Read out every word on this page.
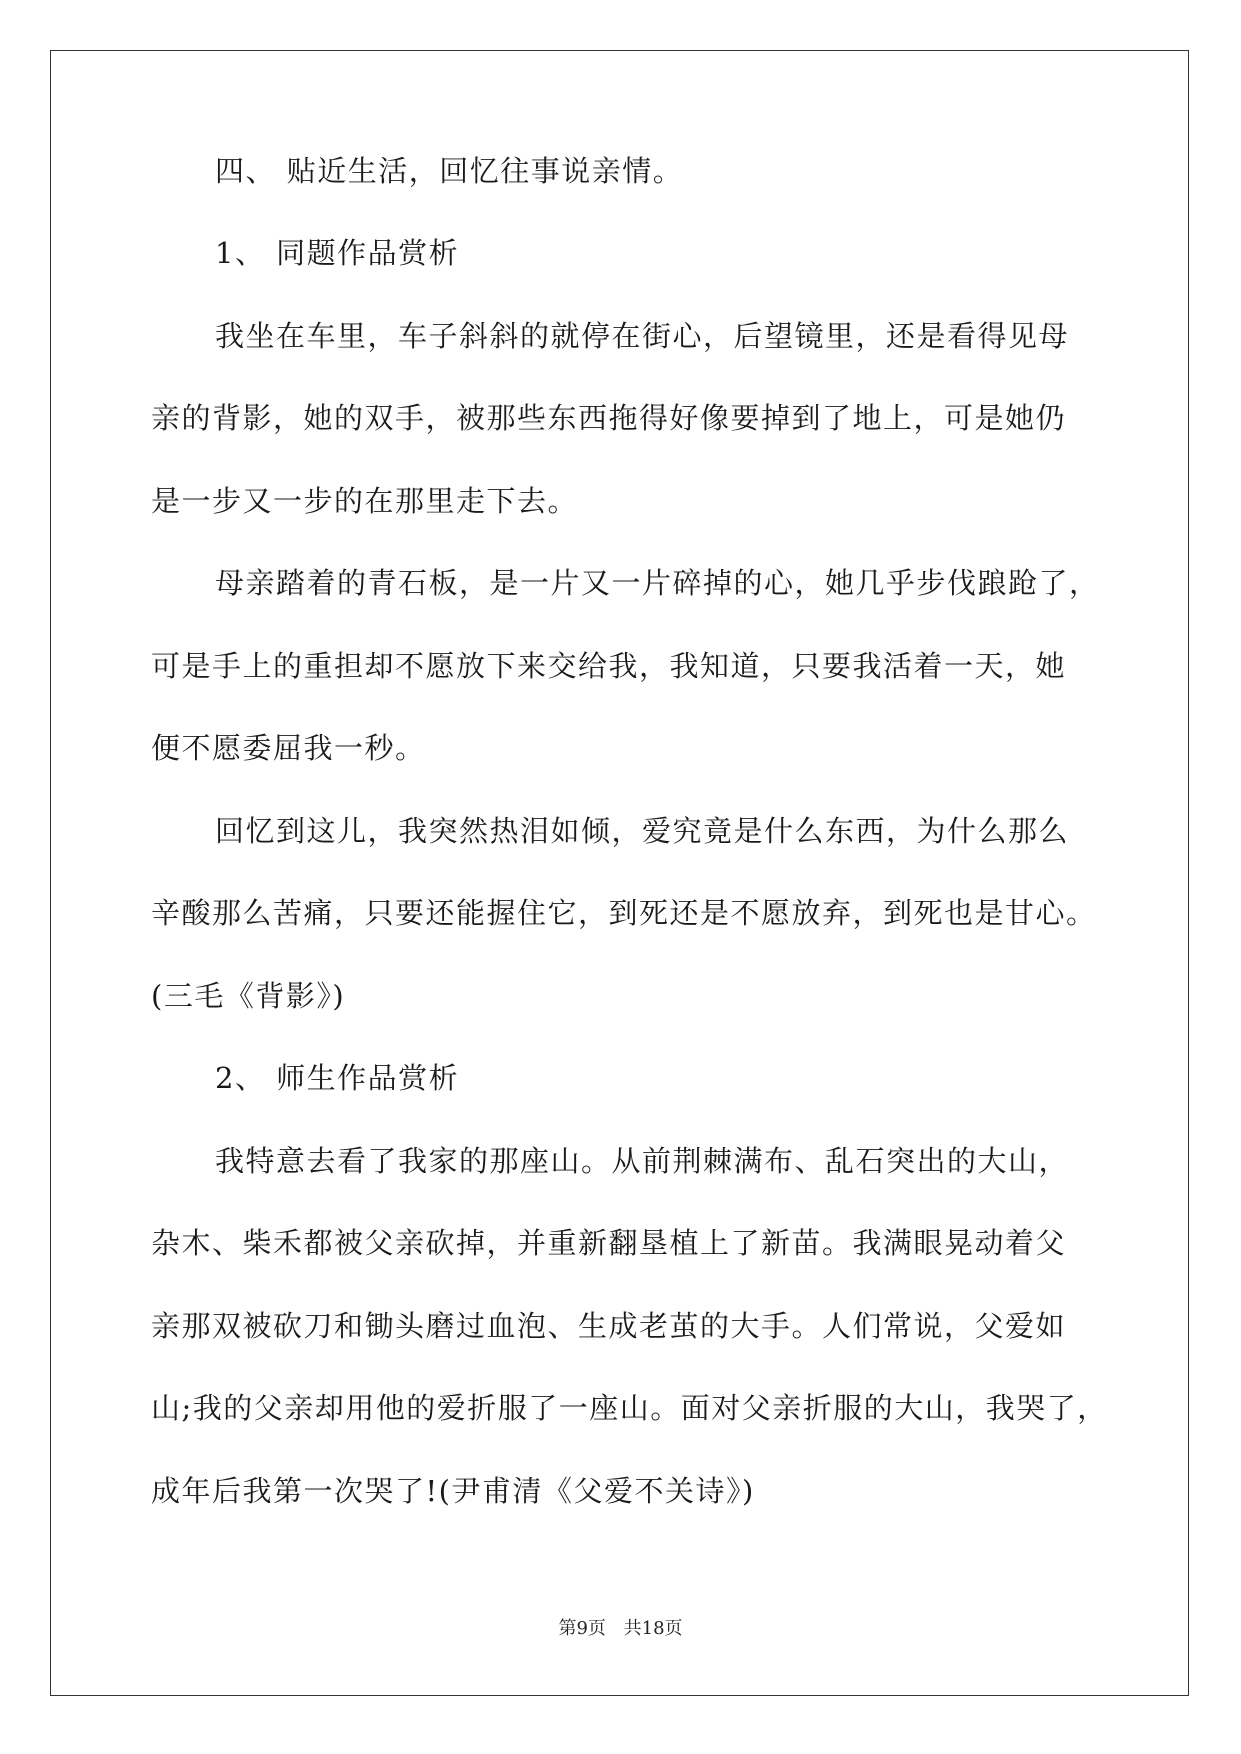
四、 贴近生活，回忆往事说亲情。
1、 同题作品赏析
我坐在车里，车子斜斜的就停在街心，后望镜里，还是看得见母
亲的背影，她的双手，被那些东西拖得好像要掉到了地上，可是她仍
是一步又一步的在那里走下去。
母亲踏着的青石板，是一片又一片碎掉的心，她几乎步伐踉跄了，
可是手上的重担却不愿放下来交给我，我知道，只要我活着一天，她
便不愿委屈我一秒。
回忆到这儿，我突然热泪如倾，爱究竟是什么东西，为什么那么
辛酸那么苦痛，只要还能握住它，到死还是不愿放弃，到死也是甘心。
(三毛《背影》)
2、 师生作品赏析
我特意去看了我家的那座山。从前荆棘满布、乱石突出的大山，
杂木、柴禾都被父亲砍掉，并重新翻垦植上了新苗。我满眼晃动着父
亲那双被砍刀和锄头磨过血泡、生成老茧的大手。人们常说，父爱如
山;我的父亲却用他的爱折服了一座山。面对父亲折服的大山，我哭了，
成年后我第一次哭了!(尹甫清《父爱不关诗》)
第9页 共18页
